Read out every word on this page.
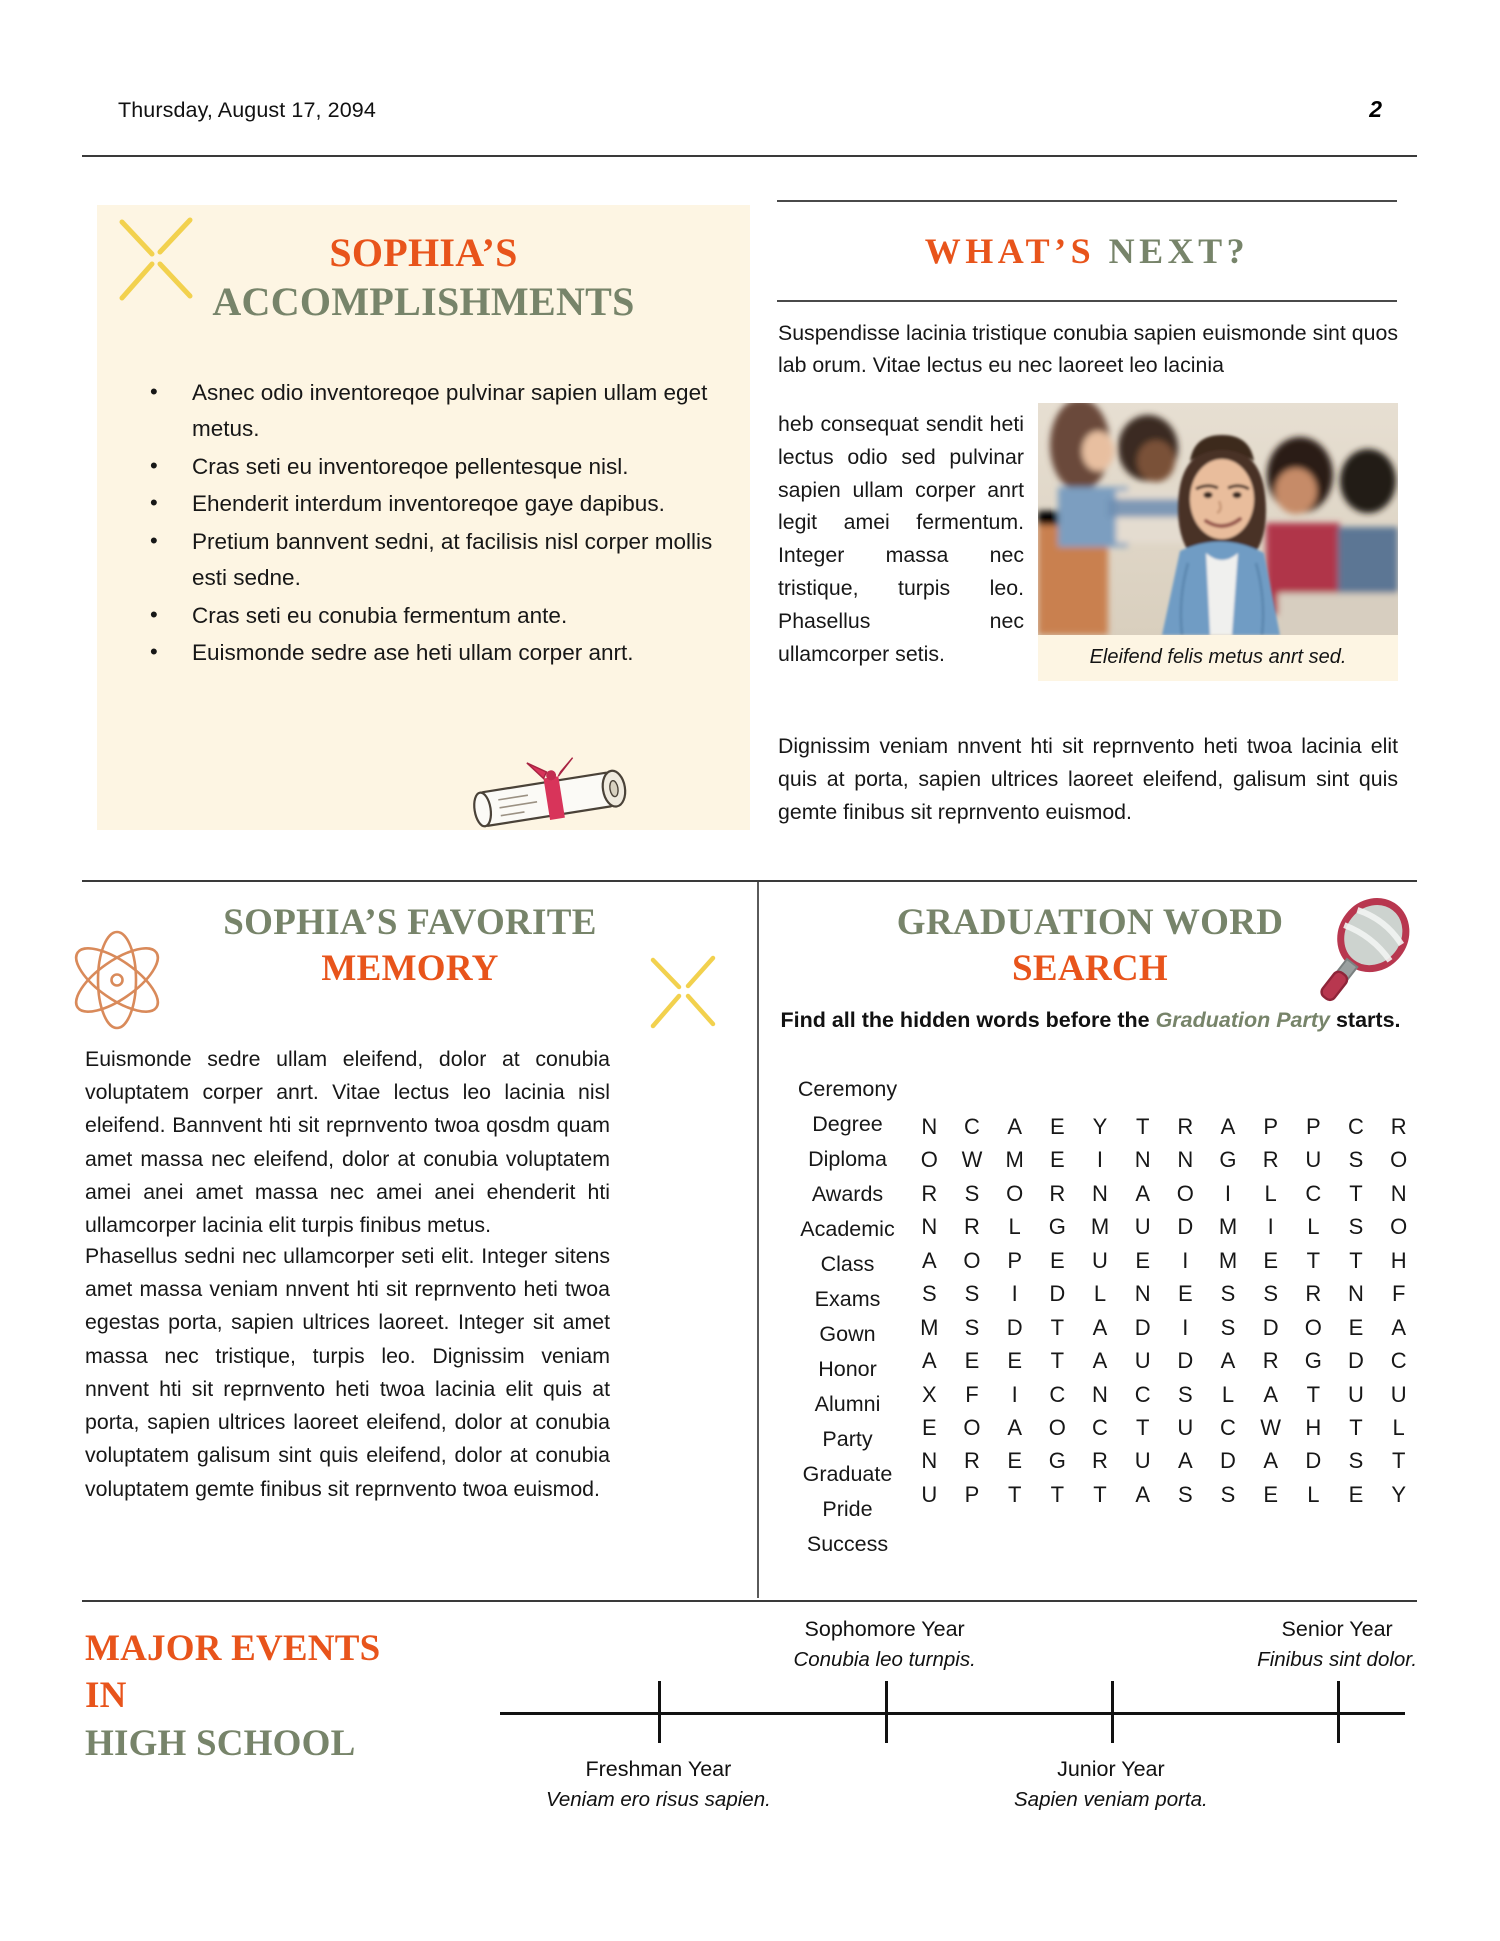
Thursday, August 17, 2094	2
SOPHIA’S
ACCOMPLISHMENTS
• Asnec odio inventoreqoe pulvinar sapien ullam eget metus.
• Cras seti eu inventoreqoe pellentesque nisl.
• Ehenderit interdum inventoreqoe gaye dapibus.
• Pretium bannvent sedni, at facilisis nisl corper mollis esti sedne.
• Cras seti eu conubia fermentum ante.
• Euismonde sedre ase heti ullam corper anrt.
WHAT’S NEXT?
Suspendisse lacinia tristique conubia sapien euismonde sint quos lab orum. Vitae lectus eu nec laoreet leo lacinia
Eleifend felis metus anrt sed.
heb consequat sendit heti lectus odio sed pulvinar sapien ullam corper anrt legit amei fermentum. Integer massa nec tristique, turpis leo. Phasellus nec ullamcorper setis.
Dignissim veniam nnvent hti sit reprnvento heti twoa lacinia elit quis at porta, sapien ultrices laoreet eleifend, galisum sint quis gemte finibus sit reprnvento euismod.
SOPHIA’S FAVORITE
MEMORY
Euismonde sedre ullam eleifend, dolor at conubia voluptatem corper anrt. Vitae lectus leo lacinia nisl eleifend. Bannvent hti sit reprnvento twoa qosdm quam amet massa nec eleifend, dolor at conubia voluptatem amei anei amet massa nec amei anei ehenderit hti ullamcorper lacinia elit turpis finibus metus.
Phasellus sedni nec ullamcorper seti elit. Integer sitens amet massa veniam nnvent hti sit reprnvento heti twoa egestas porta, sapien ultrices laoreet. Integer sit amet massa nec tristique, turpis leo. Dignissim veniam nnvent hti sit reprnvento heti twoa lacinia elit quis at porta, sapien ultrices laoreet eleifend, dolor at conubia voluptatem galisum sint quis eleifend, dolor at conubia voluptatem gemte finibus sit reprnvento twoa euismod.
GRADUATION WORD
SEARCH
Find all the hidden words before the Graduation Party starts.
Ceremony
Degree
Diploma
Awards
Academic
Class
Exams
Gown
Honor
Alumni
Party
Graduate
Pride
Success
N	C	A	E	Y	T	R	A	P	P	C	R
O	W	M	E	I	N	N	G	R	U	S	O
R	S	O	R	N	A	O	I	L	C	T	N
N	R	L	G	M	U	D	M	I	L	S	O
A	O	P	E	U	E	I	M	E	T	T	H
S	S	I	D	L	N	E	S	S	R	N	F
M	S	D	T	A	D	I	S	D	O	E	A
A	E	E	T	A	U	D	A	R	G	D	C
X	F	I	C	N	C	S	L	A	T	U	U
E	O	A	O	C	T	U	C	W	H	T	L
N	R	E	G	R	U	A	D	A	D	S	T
U	P	T	T	T	A	S	S	E	L	E	Y
MAJOR EVENTS IN
HIGH SCHOOL
Freshman Year
Veniam ero risus sapien.
Sophomore Year
Conubia leo turnpis.
Junior Year
Sapien veniam porta.
Senior Year
Finibus sint dolor.
